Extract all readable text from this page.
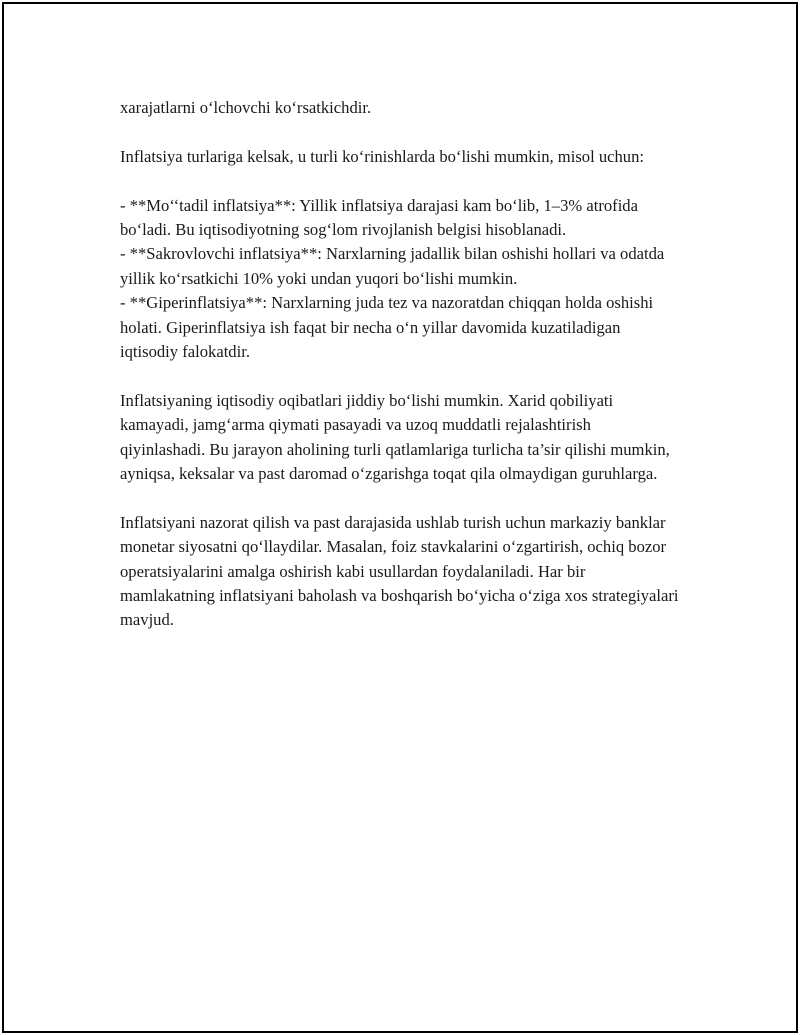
xarajatlarni o‘lchovchi ko‘rsatkichdir.

Inflatsiya turlariga kelsak, u turli ko‘rinishlarda bo‘lishi mumkin, misol uchun:

- **Mo‘‘tadil inflatsiya**: Yillik inflatsiya darajasi kam bo‘lib, 1–3% atrofida bo‘ladi. Bu iqtisodiyotning sog‘lom rivojlanish belgisi hisoblanadi.

- **Sakrovlovchi inflatsiya**: Narxlarning jadallik bilan oshishi hollari va odatda yillik ko‘rsatkichi 10% yoki undan yuqori bo‘lishi mumkin.

- **Giperinflatsiya**: Narxlarning juda tez va nazoratdan chiqqan holda oshishi holati. Giperinflatsiya ish faqat bir necha o‘n yillar davomida kuzatiladigan iqtisodiy falokatdir.

Inflatsiyaning iqtisodiy oqibatlari jiddiy bo‘lishi mumkin. Xarid qobiliyati kamayadi, jamg‘arma qiymati pasayadi va uzoq muddatli rejalashtirish qiyinlashadi. Bu jarayon aholining turli qatlamlariga turlicha ta’sir qilishi mumkin, ayniqsa, keksalar va past daromad o‘zgarishga toqat qila olmaydigan guruhlarga.

Inflatsiyani nazorat qilish va past darajasida ushlab turish uchun markaziy banklar monetar siyosatni qo‘llaydilar. Masalan, foiz stavkalarini o‘zgartirish, ochiq bozor operatsiyalarini amalga oshirish kabi usullardan foydalaniladi. Har bir mamlakatning inflatsiyani baholash va boshqarish bo‘yicha o‘ziga xos strategiyalari mavjud.
